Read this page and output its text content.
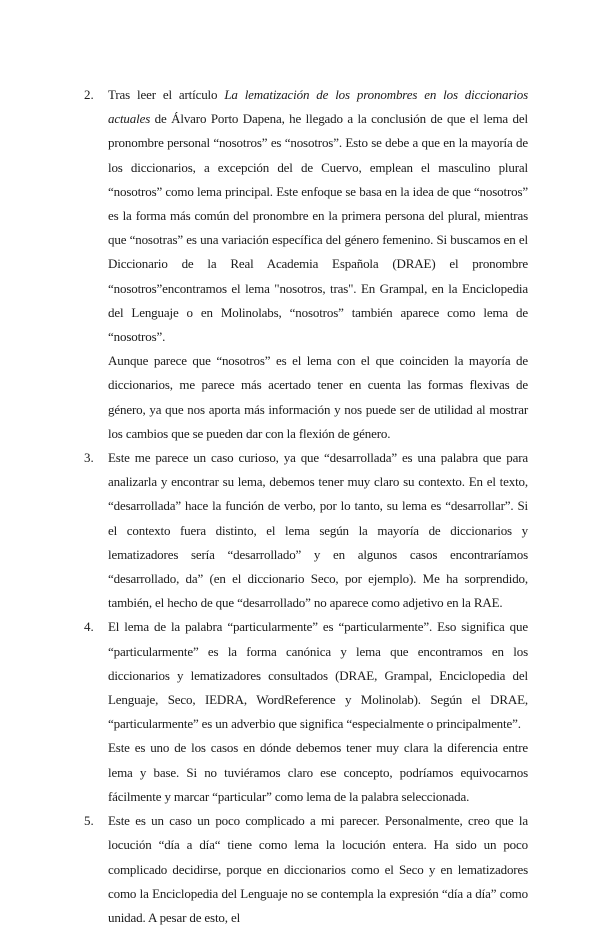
2.	Tras leer el artículo La lematización de los pronombres en los diccionarios actuales de Álvaro Porto Dapena, he llegado a la conclusión de que el lema del pronombre personal “nosotros” es “nosotros”. Esto se debe a que en la mayoría de los diccionarios, a excepción del de Cuervo, emplean el masculino plural “nosotros” como lema principal. Este enfoque se basa en la idea de que “nosotros” es la forma más común del pronombre en la primera persona del plural, mientras que “nosotras” es una variación específica del género femenino. Si buscamos en el Diccionario de la Real Academia Española (DRAE) el pronombre “nosotros”encontramos el lema "nosotros, tras". En Grampal, en la Enciclopedia del Lenguaje o en Molinolabs, “nosotros” también aparece como lema de “nosotros”.

Aunque parece que “nosotros” es el lema con el que coinciden la mayoría de diccionarios, me parece más acertado tener en cuenta las formas flexivas de género, ya que nos aporta más información y nos puede ser de utilidad al mostrar los cambios que se pueden dar con la flexión de género.

3.	Este me parece un caso curioso, ya que “desarrollada” es una palabra que para analizarla y encontrar su lema, debemos tener muy claro su contexto. En el texto, “desarrollada” hace la función de verbo, por lo tanto, su lema es “desarrollar”. Si el contexto fuera distinto, el lema según la mayoría de diccionarios y lematizadores sería “desarrollado” y en algunos casos encontraríamos “desarrollado, da” (en el diccionario Seco, por ejemplo). Me ha sorprendido, también, el hecho de que “desarrollado” no aparece como adjetivo en la RAE.

4.	El lema de la palabra “particularmente” es “particularmente”. Eso significa que “particularmente” es la forma canónica y lema que encontramos en los diccionarios y lematizadores consultados (DRAE, Grampal, Enciclopedia del Lenguaje, Seco, IEDRA, WordReference y Molinolab). Según el DRAE, “particularmente” es un adverbio que significa “especialmente o principalmente”.

Este es uno de los casos en dónde debemos tener muy clara la diferencia entre lema y base. Si no tuviéramos claro ese concepto, podríamos equivocarnos fácilmente y marcar “particular” como lema de la palabra seleccionada.

5.	Este es un caso un poco complicado a mi parecer. Personalmente, creo que la locución “día a día“ tiene como lema la locución entera. Ha sido un poco complicado decidirse, porque en diccionarios como el Seco y en lematizadores como la Enciclopedia del Lenguaje no se contempla la expresión “día a día” como unidad. A pesar de esto, el
